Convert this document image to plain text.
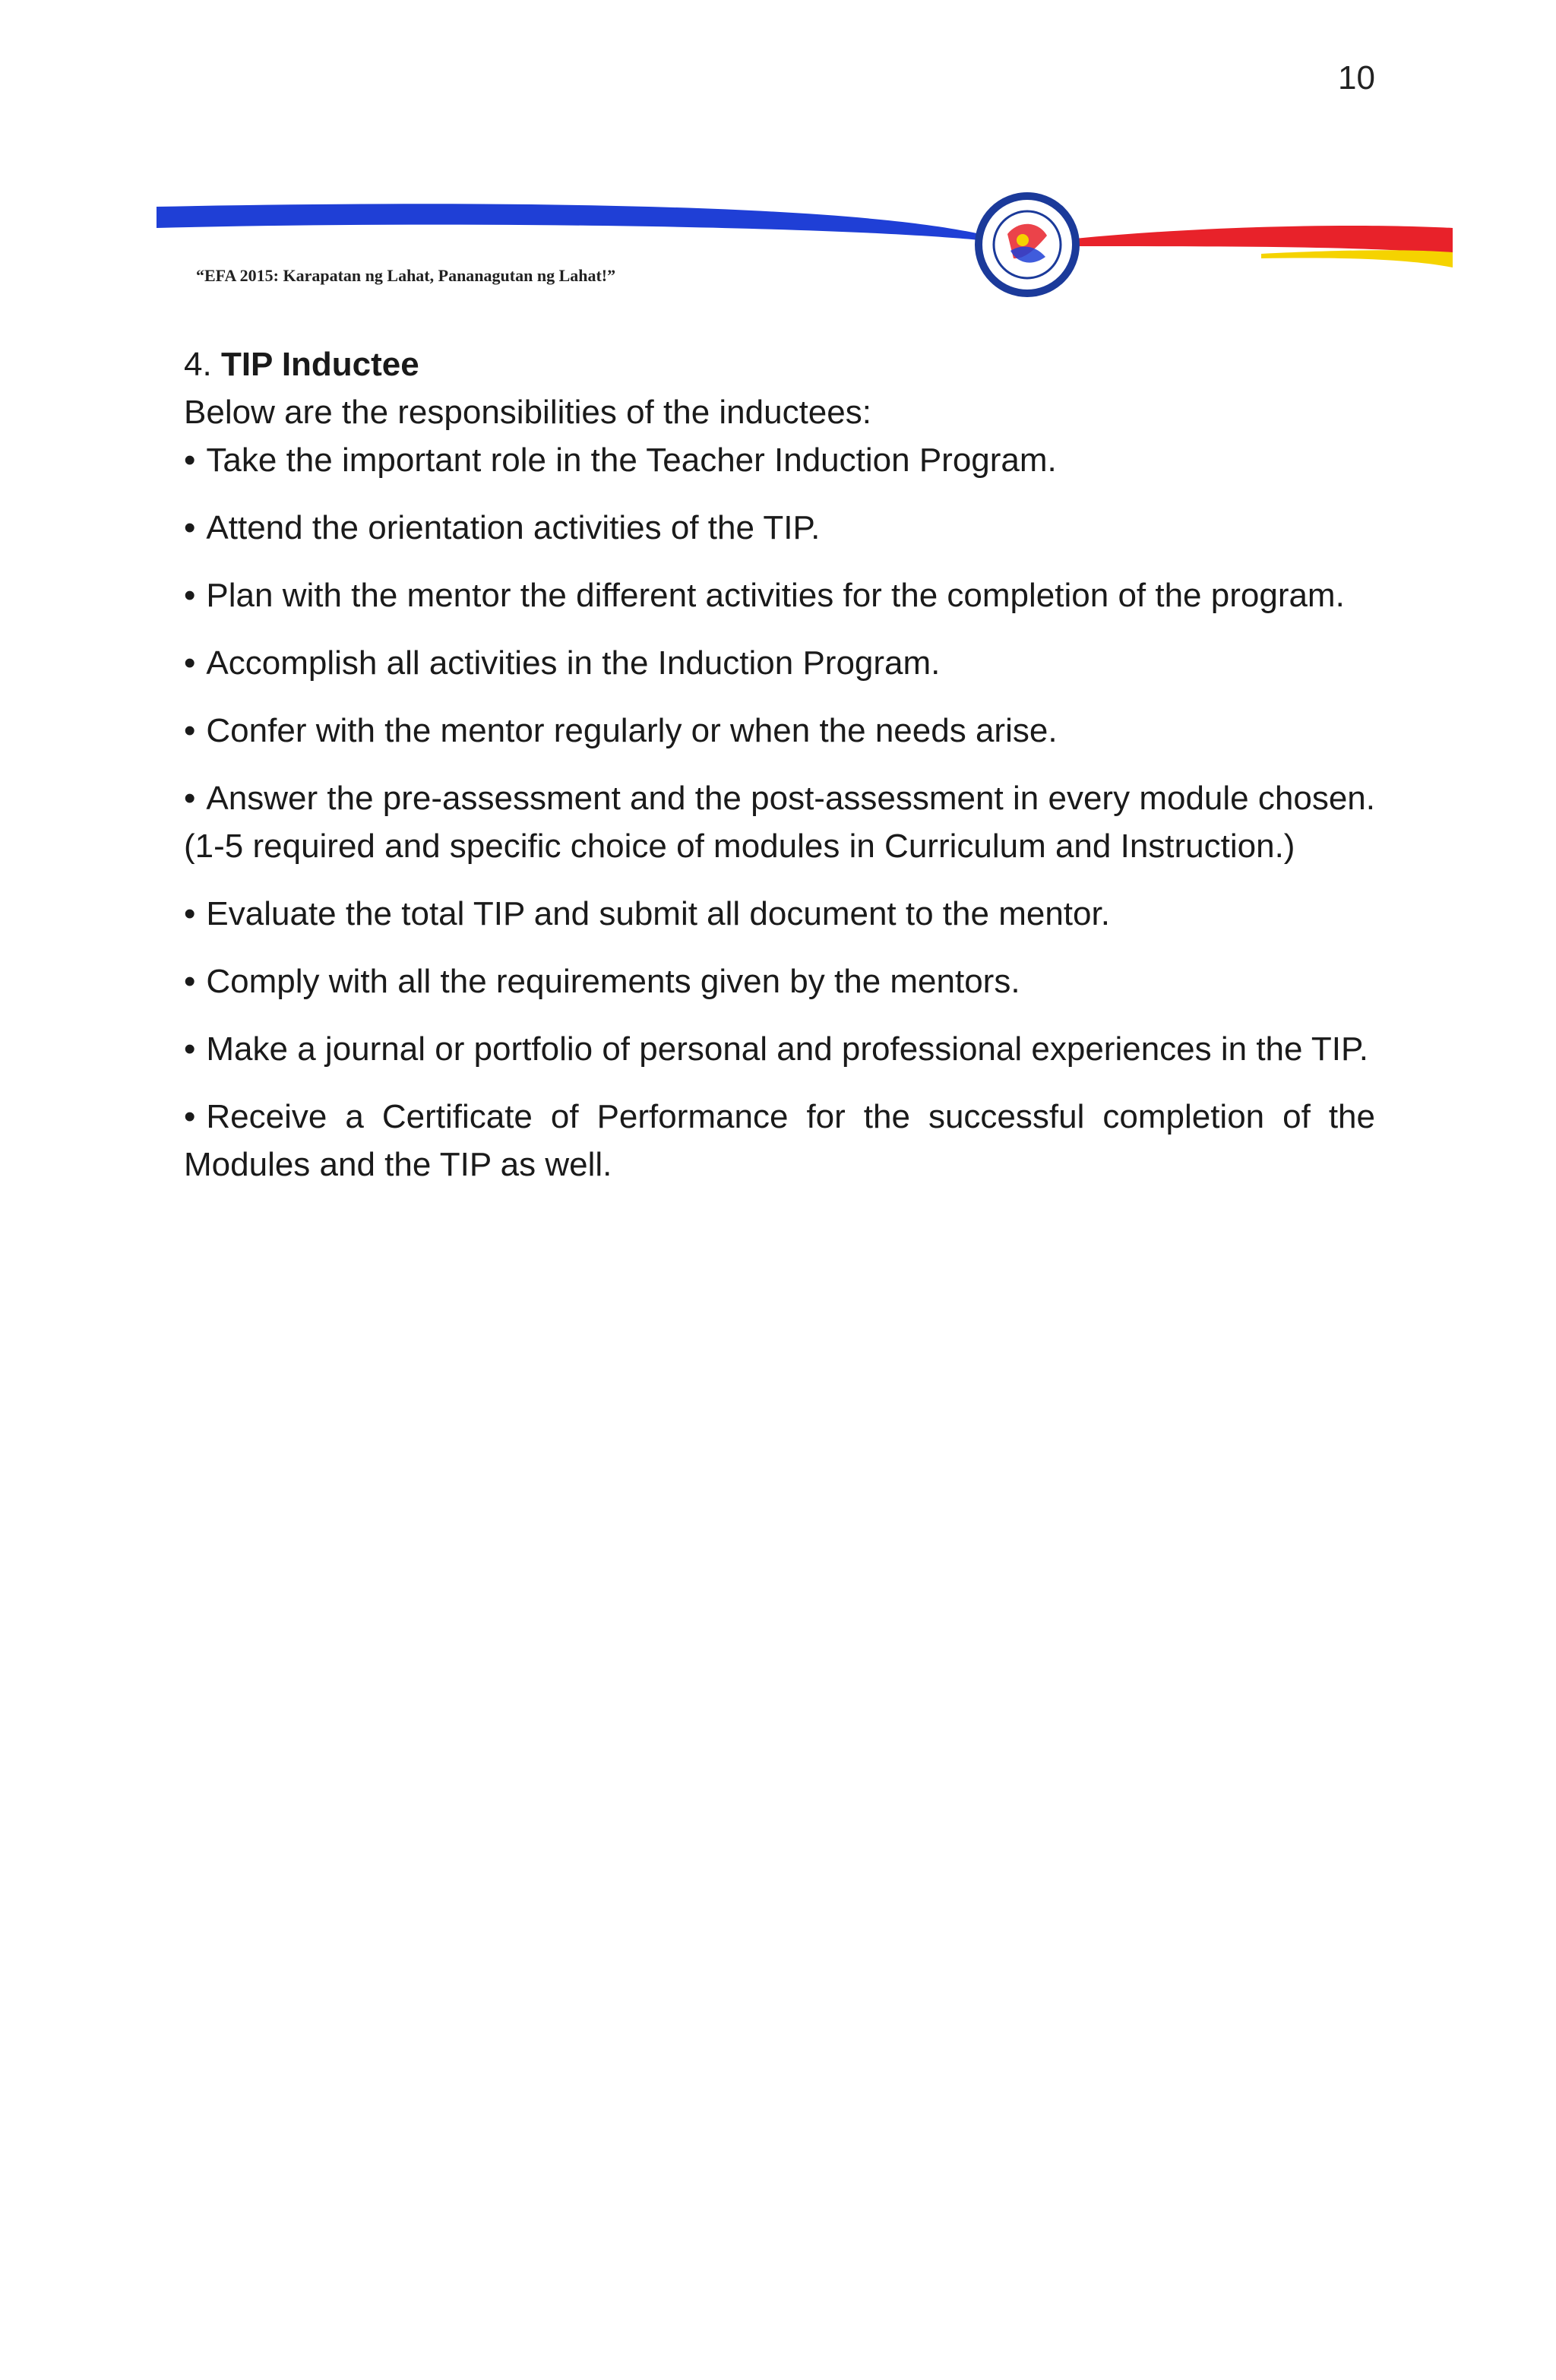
10
“EFA 2015: Karapatan ng Lahat, Pananagutan ng Lahat!”
4. TIP Inductee

Below are the responsibilities of the inductees:

• Take the important role in the Teacher Induction Program.
• Attend the orientation activities of the TIP.
• Plan with the mentor the different activities for the completion of the program.
• Accomplish all activities in the Induction Program.
• Confer with the mentor regularly or when the needs arise.
• Answer the pre-assessment and the post-assessment in every module chosen. (1-5 required and specific choice of modules in Curriculum and Instruction.)
• Evaluate the total TIP and submit all document to the mentor.
• Comply with all the requirements given by the mentors.
• Make a journal or portfolio of personal and professional experiences in the TIP.
• Receive a Certificate of Performance for the successful completion of the Modules and the TIP as well.
